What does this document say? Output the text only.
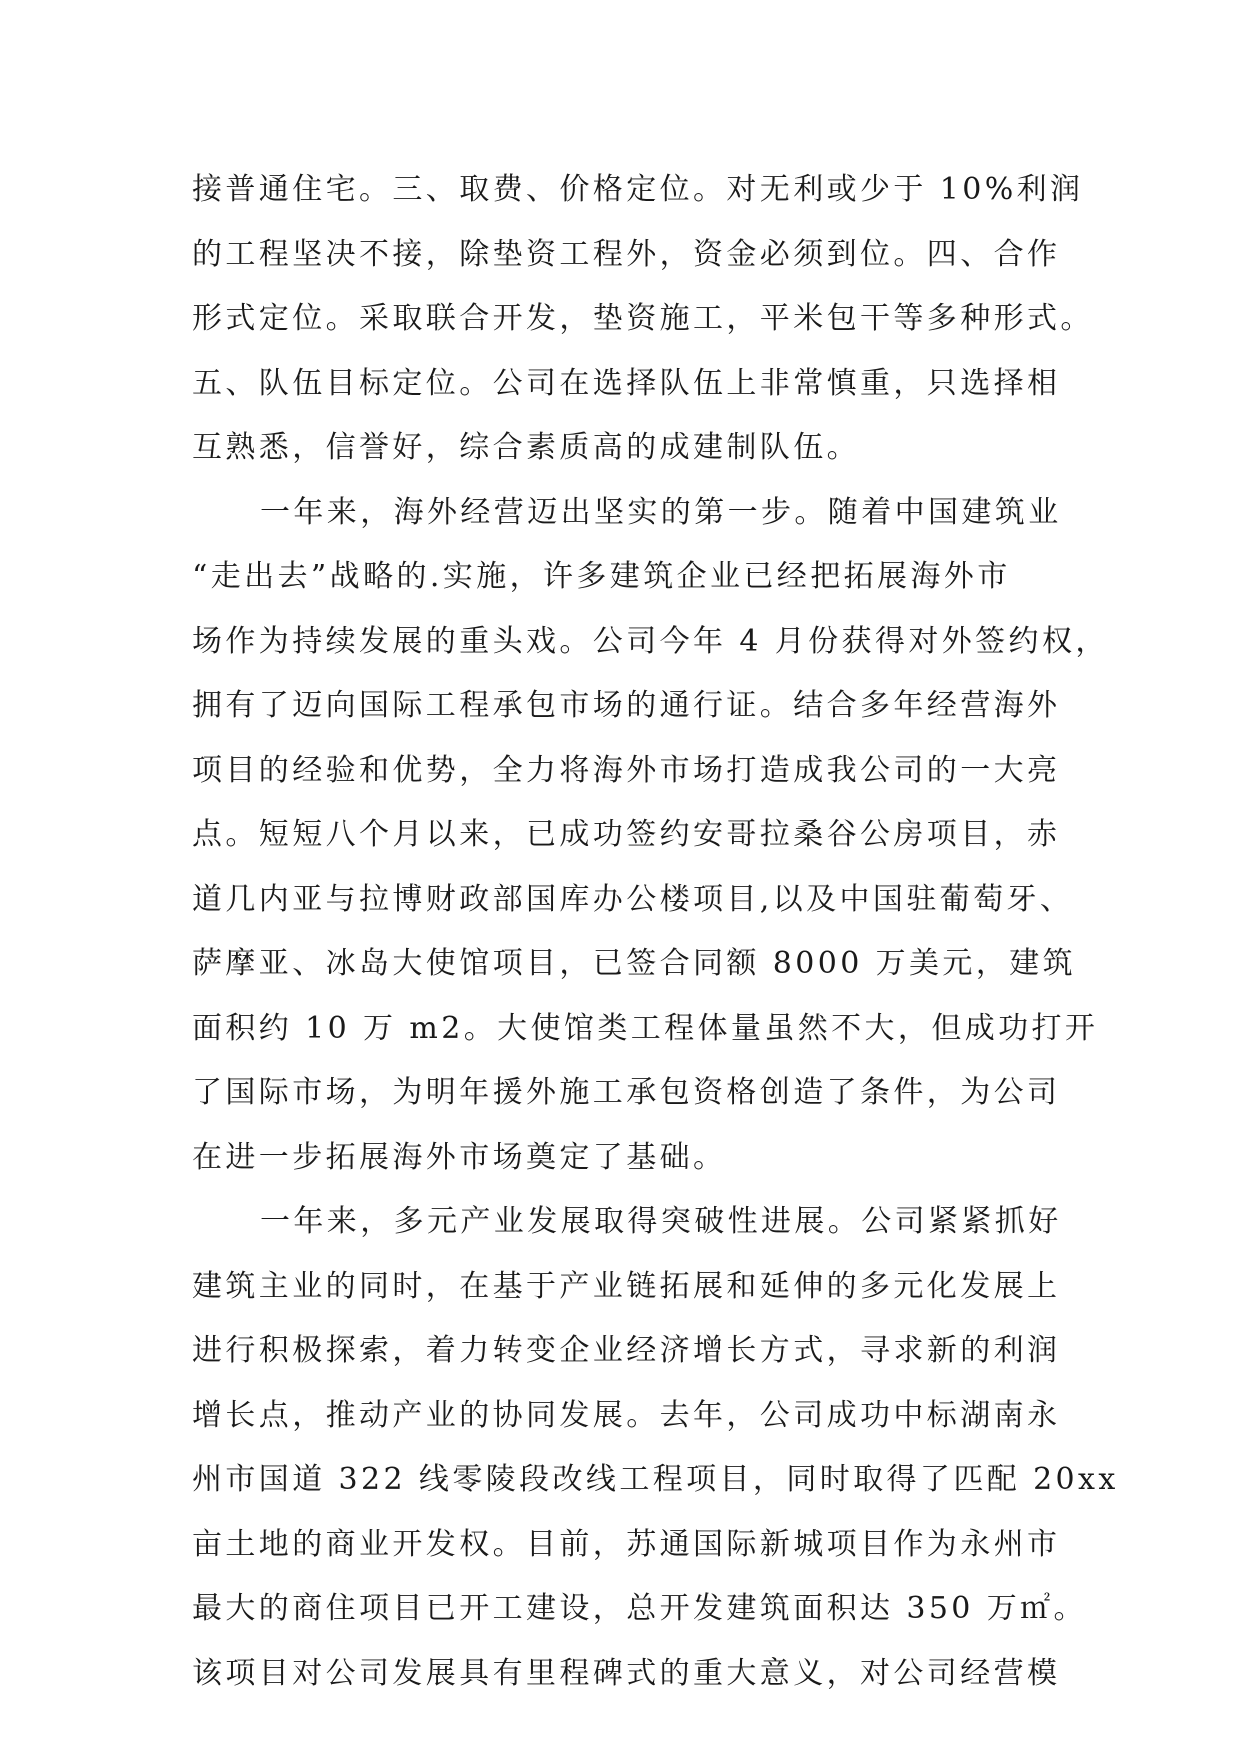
接普通住宅。三、取费、价格定位。对无利或少于 10%利润
的工程坚决不接，除垫资工程外，资金必须到位。四、合作
形式定位。采取联合开发，垫资施工，平米包干等多种形式。
五、队伍目标定位。公司在选择队伍上非常慎重，只选择相
互熟悉，信誉好，综合素质高的成建制队伍。
一年来，海外经营迈出坚实的第一步。随着中国建筑业
“走出去”战略的.实施，许多建筑企业已经把拓展海外市
场作为持续发展的重头戏。公司今年 4 月份获得对外签约权，
拥有了迈向国际工程承包市场的通行证。结合多年经营海外
项目的经验和优势，全力将海外市场打造成我公司的一大亮
点。短短八个月以来，已成功签约安哥拉桑谷公房项目，赤
道几内亚与拉博财政部国库办公楼项目,以及中国驻葡萄牙、
萨摩亚、冰岛大使馆项目，已签合同额 8000 万美元，建筑
面积约 10 万 m2。大使馆类工程体量虽然不大，但成功打开
了国际市场，为明年援外施工承包资格创造了条件，为公司
在进一步拓展海外市场奠定了基础。
一年来，多元产业发展取得突破性进展。公司紧紧抓好
建筑主业的同时，在基于产业链拓展和延伸的多元化发展上
进行积极探索，着力转变企业经济增长方式，寻求新的利润
增长点，推动产业的协同发展。去年，公司成功中标湖南永
州市国道 322 线零陵段改线工程项目，同时取得了匹配 20xx
亩土地的商业开发权。目前，苏通国际新城项目作为永州市
最大的商住项目已开工建设，总开发建筑面积达 350 万㎡。
该项目对公司发展具有里程碑式的重大意义，对公司经营模
